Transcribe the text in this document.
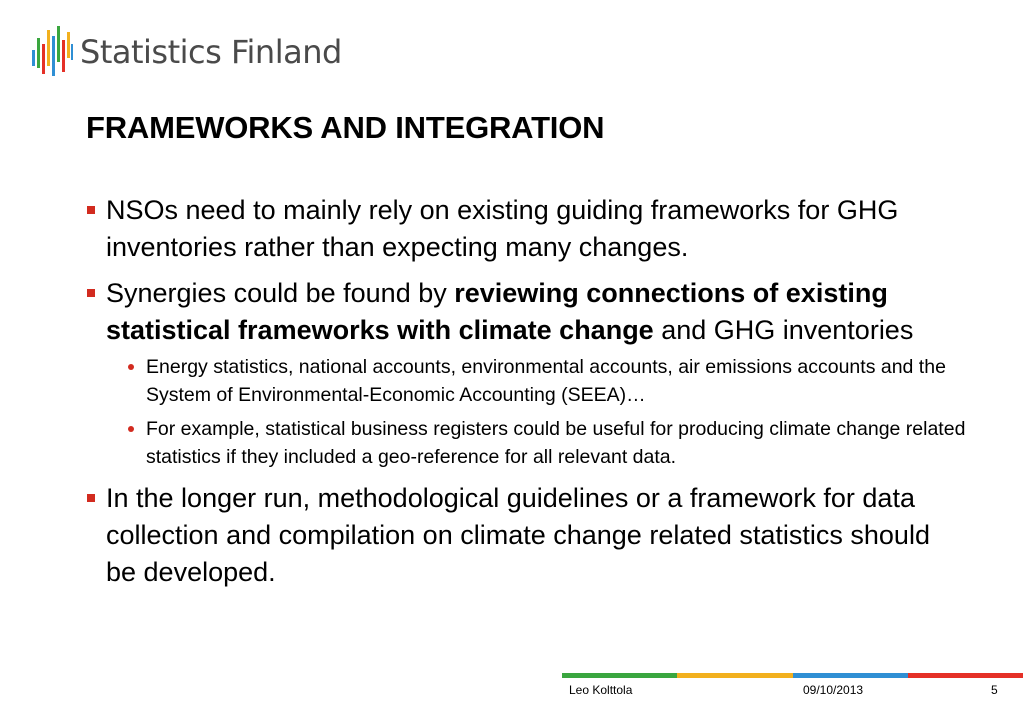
Statistics Finland
FRAMEWORKS AND INTEGRATION
NSOs need to mainly rely on existing guiding frameworks for GHG inventories rather than expecting many changes.
Synergies could be found by reviewing connections of existing statistical frameworks with climate change and GHG inventories
Energy statistics, national accounts, environmental accounts, air emissions accounts and the System of Environmental-Economic Accounting (SEEA)…
For example, statistical business registers could be useful for producing climate change related statistics if they included a geo-reference for all relevant data.
In the longer run, methodological guidelines or a framework for data collection and compilation on climate change related statistics should be developed.
Leo Kolttola	09/10/2013	5
